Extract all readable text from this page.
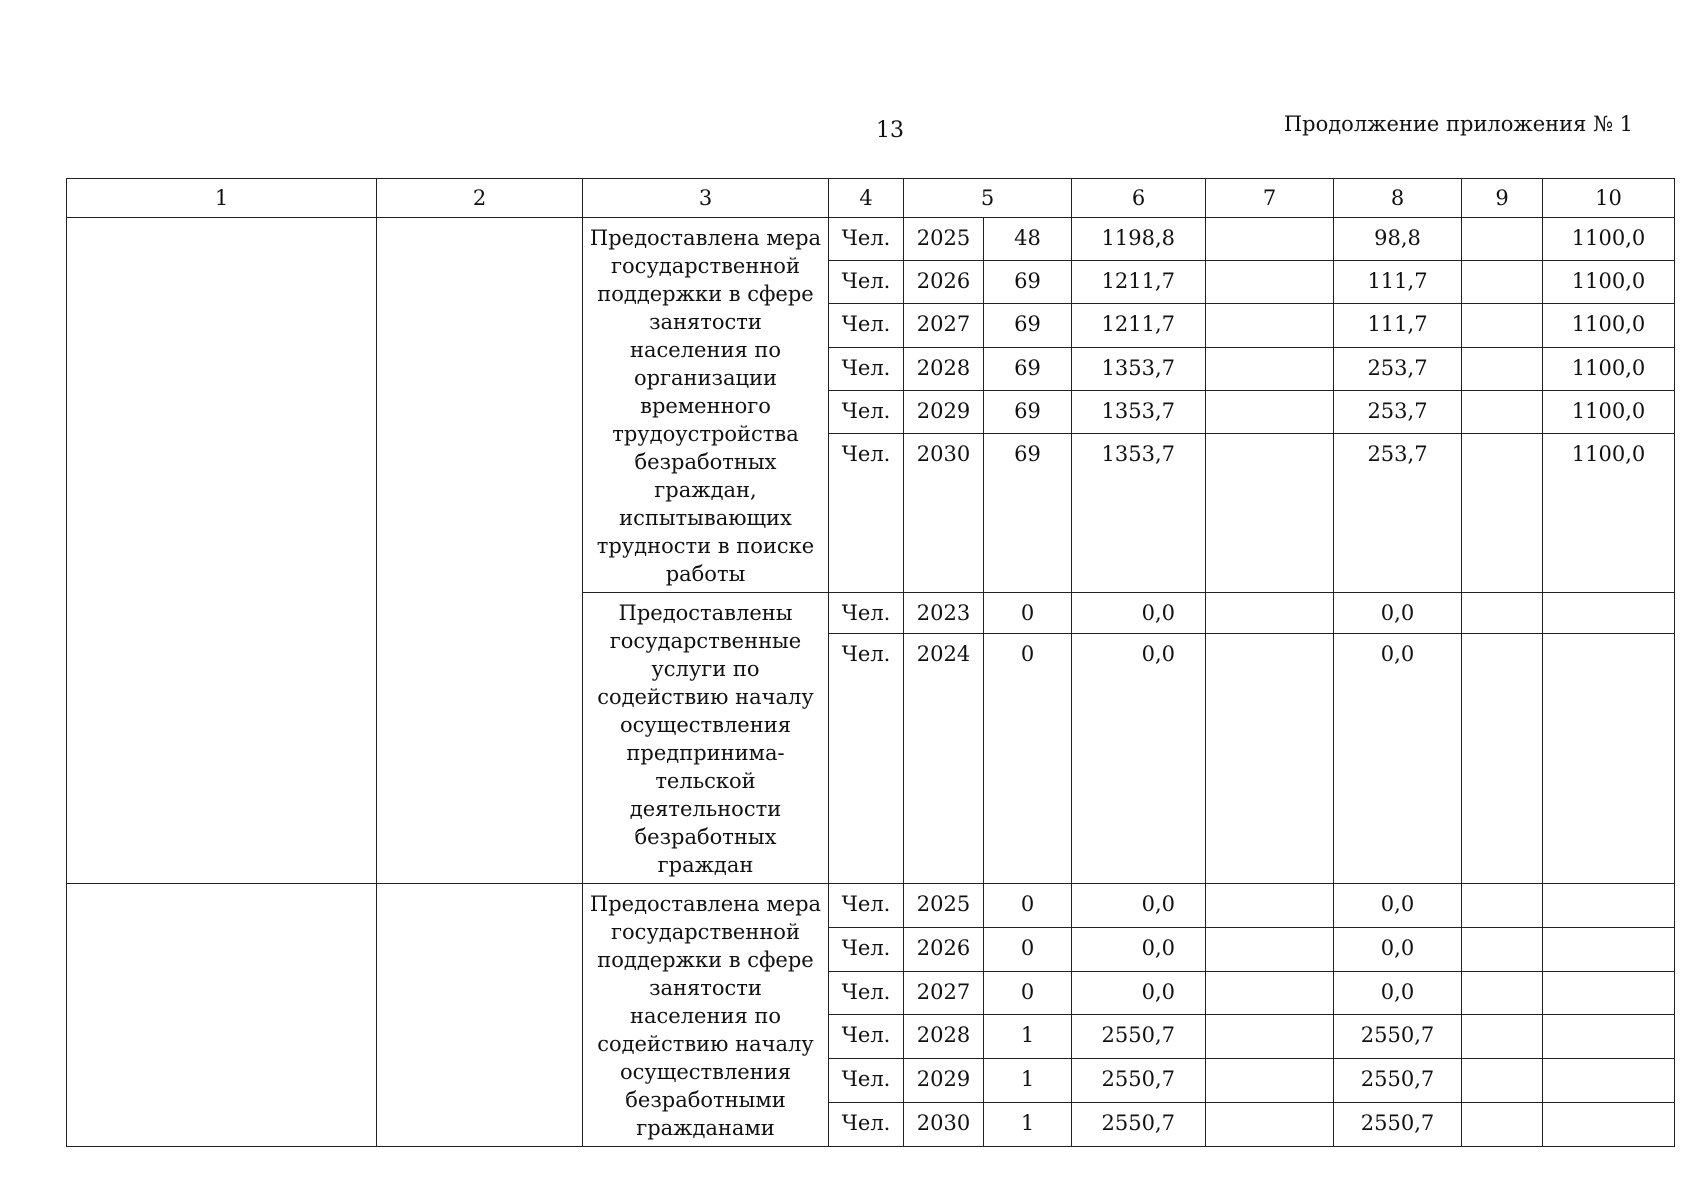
13	Продолжение приложения № 1
1	2	3	4	5		6	7	8	9	10
		Предоставлена мера государственной поддержки в сфере занятости населения по организации временного трудоустройства безработных граждан, испытывающих трудности в поиске работы	Чел.	2025	48	1198,8		98,8		1100,0
			Чел.	2026	69	1211,7		111,7		1100,0
			Чел.	2027	69	1211,7		111,7		1100,0
			Чел.	2028	69	1353,7		253,7		1100,0
			Чел.	2029	69	1353,7		253,7		1100,0
			Чел.	2030	69	1353,7		253,7		1100,0
		Предоставлены государственные услуги по содействию началу осуществления предпринима-тельской деятельности безработных граждан	Чел.	2023	0	0,0		0,0		
			Чел.	2024	0	0,0		0,0		
		Предоставлена мера государственной поддержки в сфере занятости населения по содействию началу осуществления безработными гражданами	Чел.	2025	0	0,0		0,0		
			Чел.	2026	0	0,0		0,0		
			Чел.	2027	0	0,0		0,0		
			Чел.	2028	1	2550,7		2550,7		
			Чел.	2029	1	2550,7		2550,7		
			Чел.	2030	1	2550,7		2550,7		
